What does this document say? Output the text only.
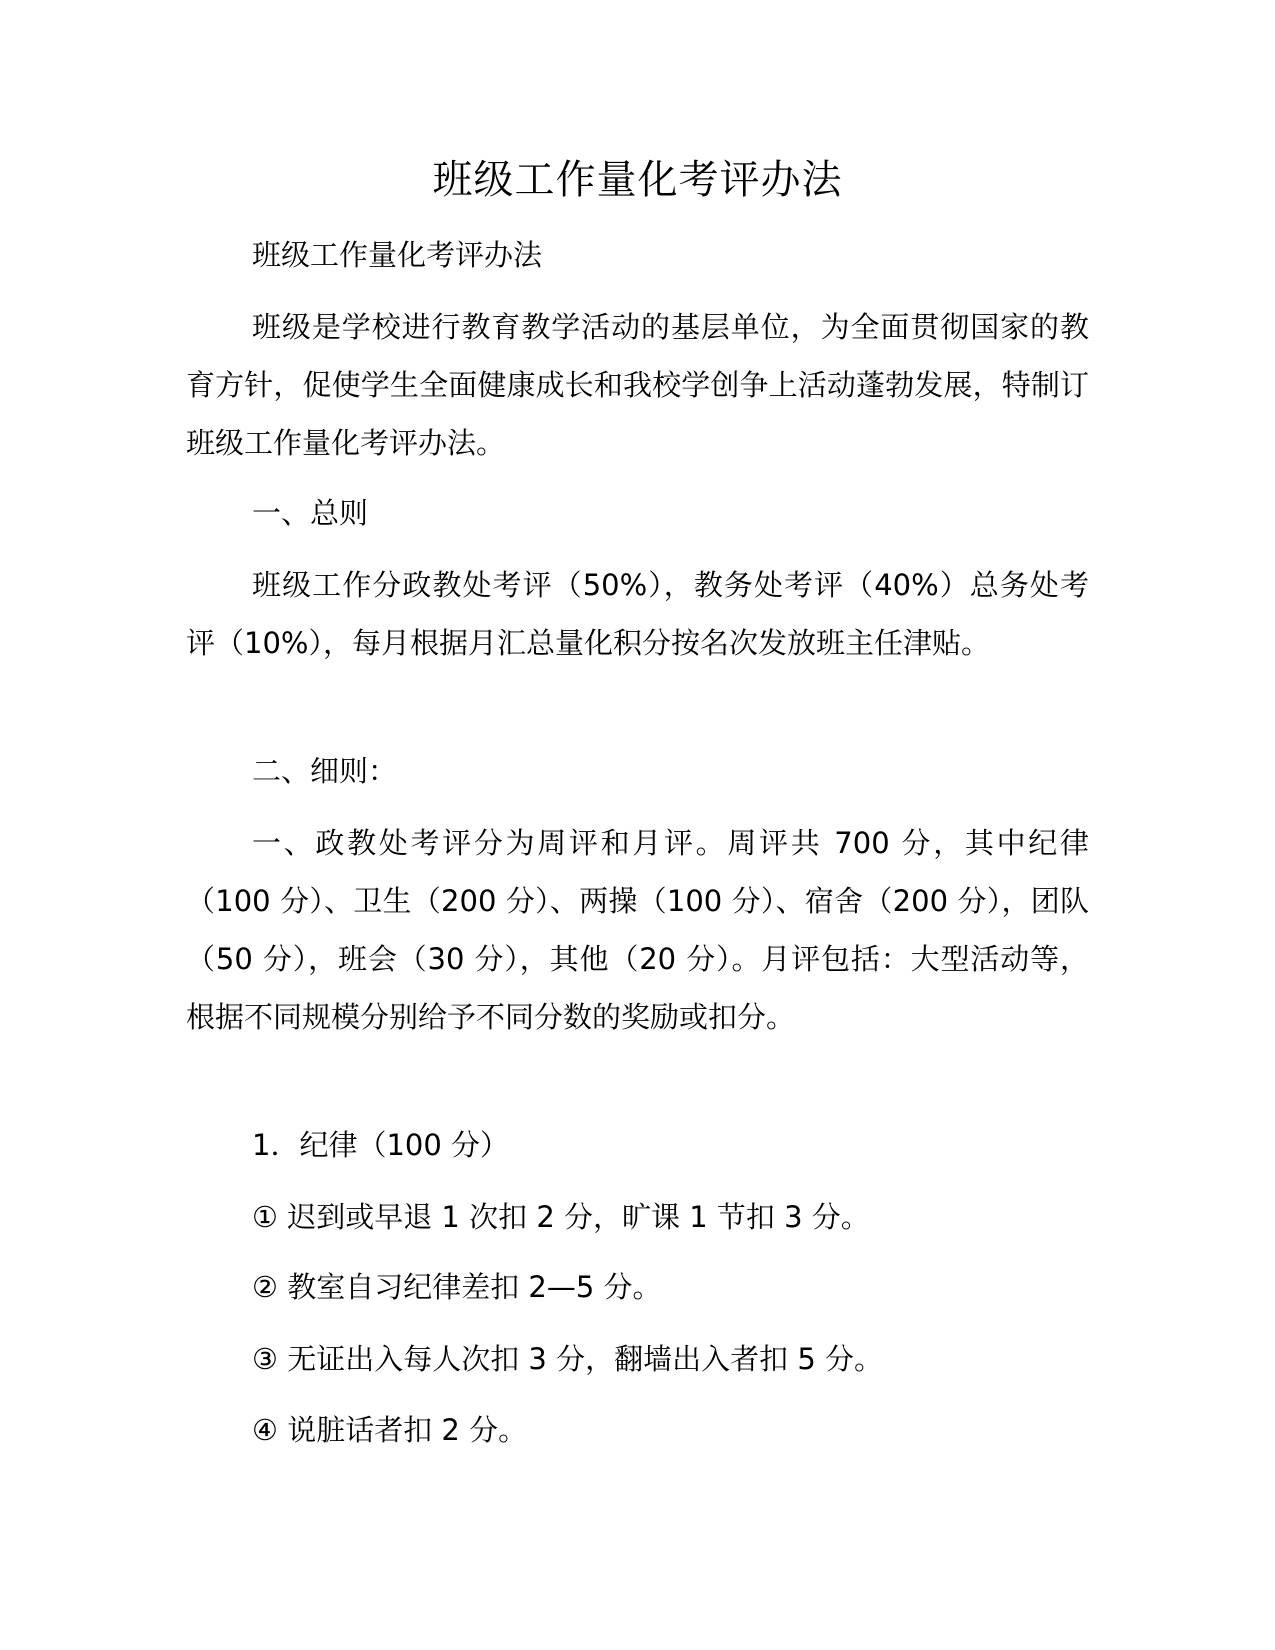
班级工作量化考评办法

班级工作量化考评办法

班级是学校进行教育教学活动的基层单位，为全面贯彻国家的教育方针，促使学生全面健康成长和我校学创争上活动蓬勃发展，特制订班级工作量化考评办法。

一、总则

班级工作分政教处考评（50%），教务处考评（40%）总务处考评（10%），每月根据月汇总量化积分按名次发放班主任津贴。

二、细则：

一、政教处考评分为周评和月评。周评共 700 分，其中纪律（100 分）、卫生（200 分）、两操（100 分）、宿舍（200 分），团队（50 分），班会（30 分），其他（20 分）。月评包括：大型活动等，根据不同规模分别给予不同分数的奖励或扣分。

1．纪律（100 分）

① 迟到或早退 1 次扣 2 分，旷课 1 节扣 3 分。

② 教室自习纪律差扣 2—5 分。

③ 无证出入每人次扣 3 分，翻墙出入者扣 5 分。

④ 说脏话者扣 2 分。
